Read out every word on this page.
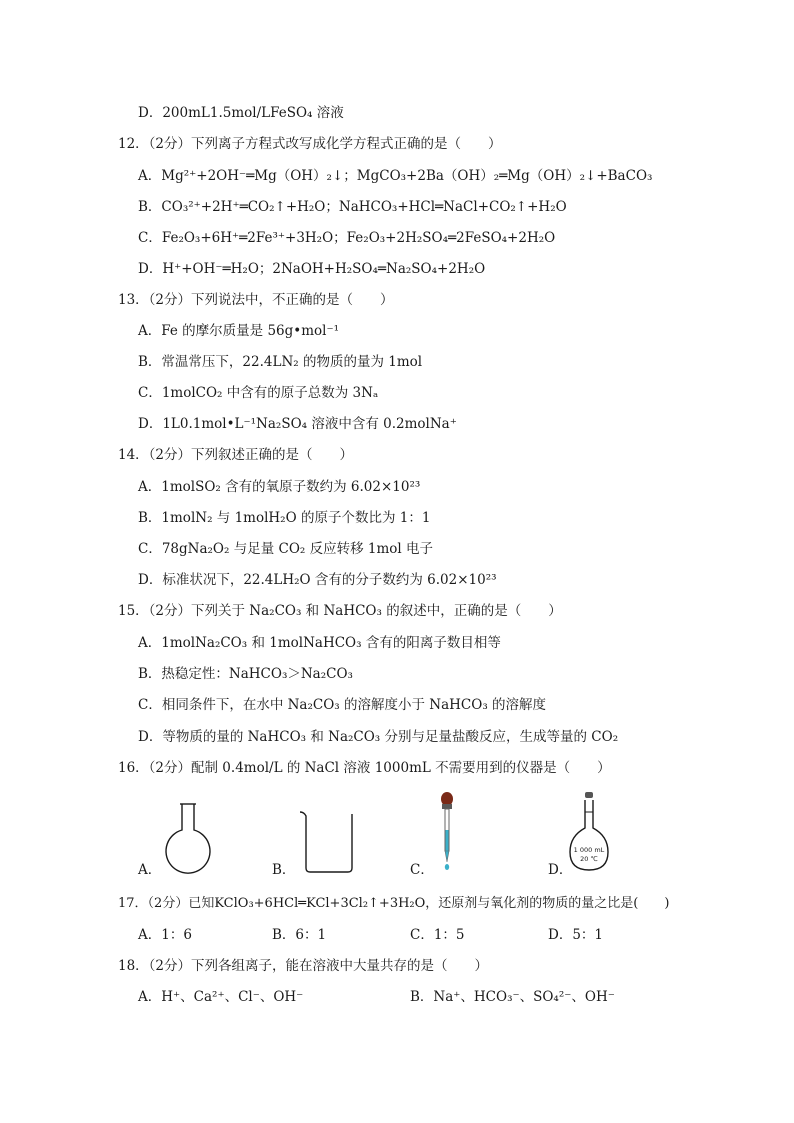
D．200mL1.5mol/LFeSO₄ 溶液
12．（2分）下列离子方程式改写成化学方程式正确的是（　　）
A．Mg²⁺+2OH⁻═Mg（OH）₂↓；MgCO₃+2Ba（OH）₂═Mg（OH）₂↓+BaCO₃
B．CO₃²⁺+2H⁺═CO₂↑+H₂O；NaHCO₃+HCl═NaCl+CO₂↑+H₂O
C．Fe₂O₃+6H⁺═2Fe³⁺+3H₂O；Fe₂O₃+2H₂SO₄═2FeSO₄+2H₂O
D．H⁺+OH⁻═H₂O；2NaOH+H₂SO₄═Na₂SO₄+2H₂O
13．（2分）下列说法中，不正确的是（　　）
A．Fe 的摩尔质量是 56g•mol⁻¹
B．常温常压下，22.4LN₂ 的物质的量为 1mol
C．1molCO₂ 中含有的原子总数为 3Nₐ
D．1L0.1mol•L⁻¹Na₂SO₄ 溶液中含有 0.2molNa⁺
14．（2分）下列叙述正确的是（　　）
A．1molSO₂ 含有的氧原子数约为 6.02×10²³
B．1molN₂ 与 1molH₂O 的原子个数比为 1：1
C．78gNa₂O₂ 与足量 CO₂ 反应转移 1mol 电子
D．标准状况下，22.4LH₂O 含有的分子数约为 6.02×10²³
15．（2分）下列关于 Na₂CO₃ 和 NaHCO₃ 的叙述中，正确的是（　　）
A．1molNa₂CO₃ 和 1molNaHCO₃ 含有的阳离子数目相等
B．热稳定性：NaHCO₃＞Na₂CO₃
C．相同条件下，在水中 Na₂CO₃ 的溶解度小于 NaHCO₃ 的溶解度
D．等物质的量的 NaHCO₃ 和 Na₂CO₃ 分别与足量盐酸反应，生成等量的 CO₂
16．（2分）配制 0.4mol/L 的 NaCl 溶液 1000mL 不需要用到的仪器是（　　）
A．	B．	C．	D．
1 000 mL
20 ℃
17．（2分）已知KClO₃+6HCl═KCl+3Cl₂↑+3H₂O，还原剂与氧化剂的物质的量之比是(　　)
A．1：6	B．6：1	C．1：5	D．5：1
18．（2分）下列各组离子，能在溶液中大量共存的是（　　）
A．H⁺、Ca²⁺、Cl⁻、OH⁻	B．Na⁺、HCO₃⁻、SO₄²⁻、OH⁻
